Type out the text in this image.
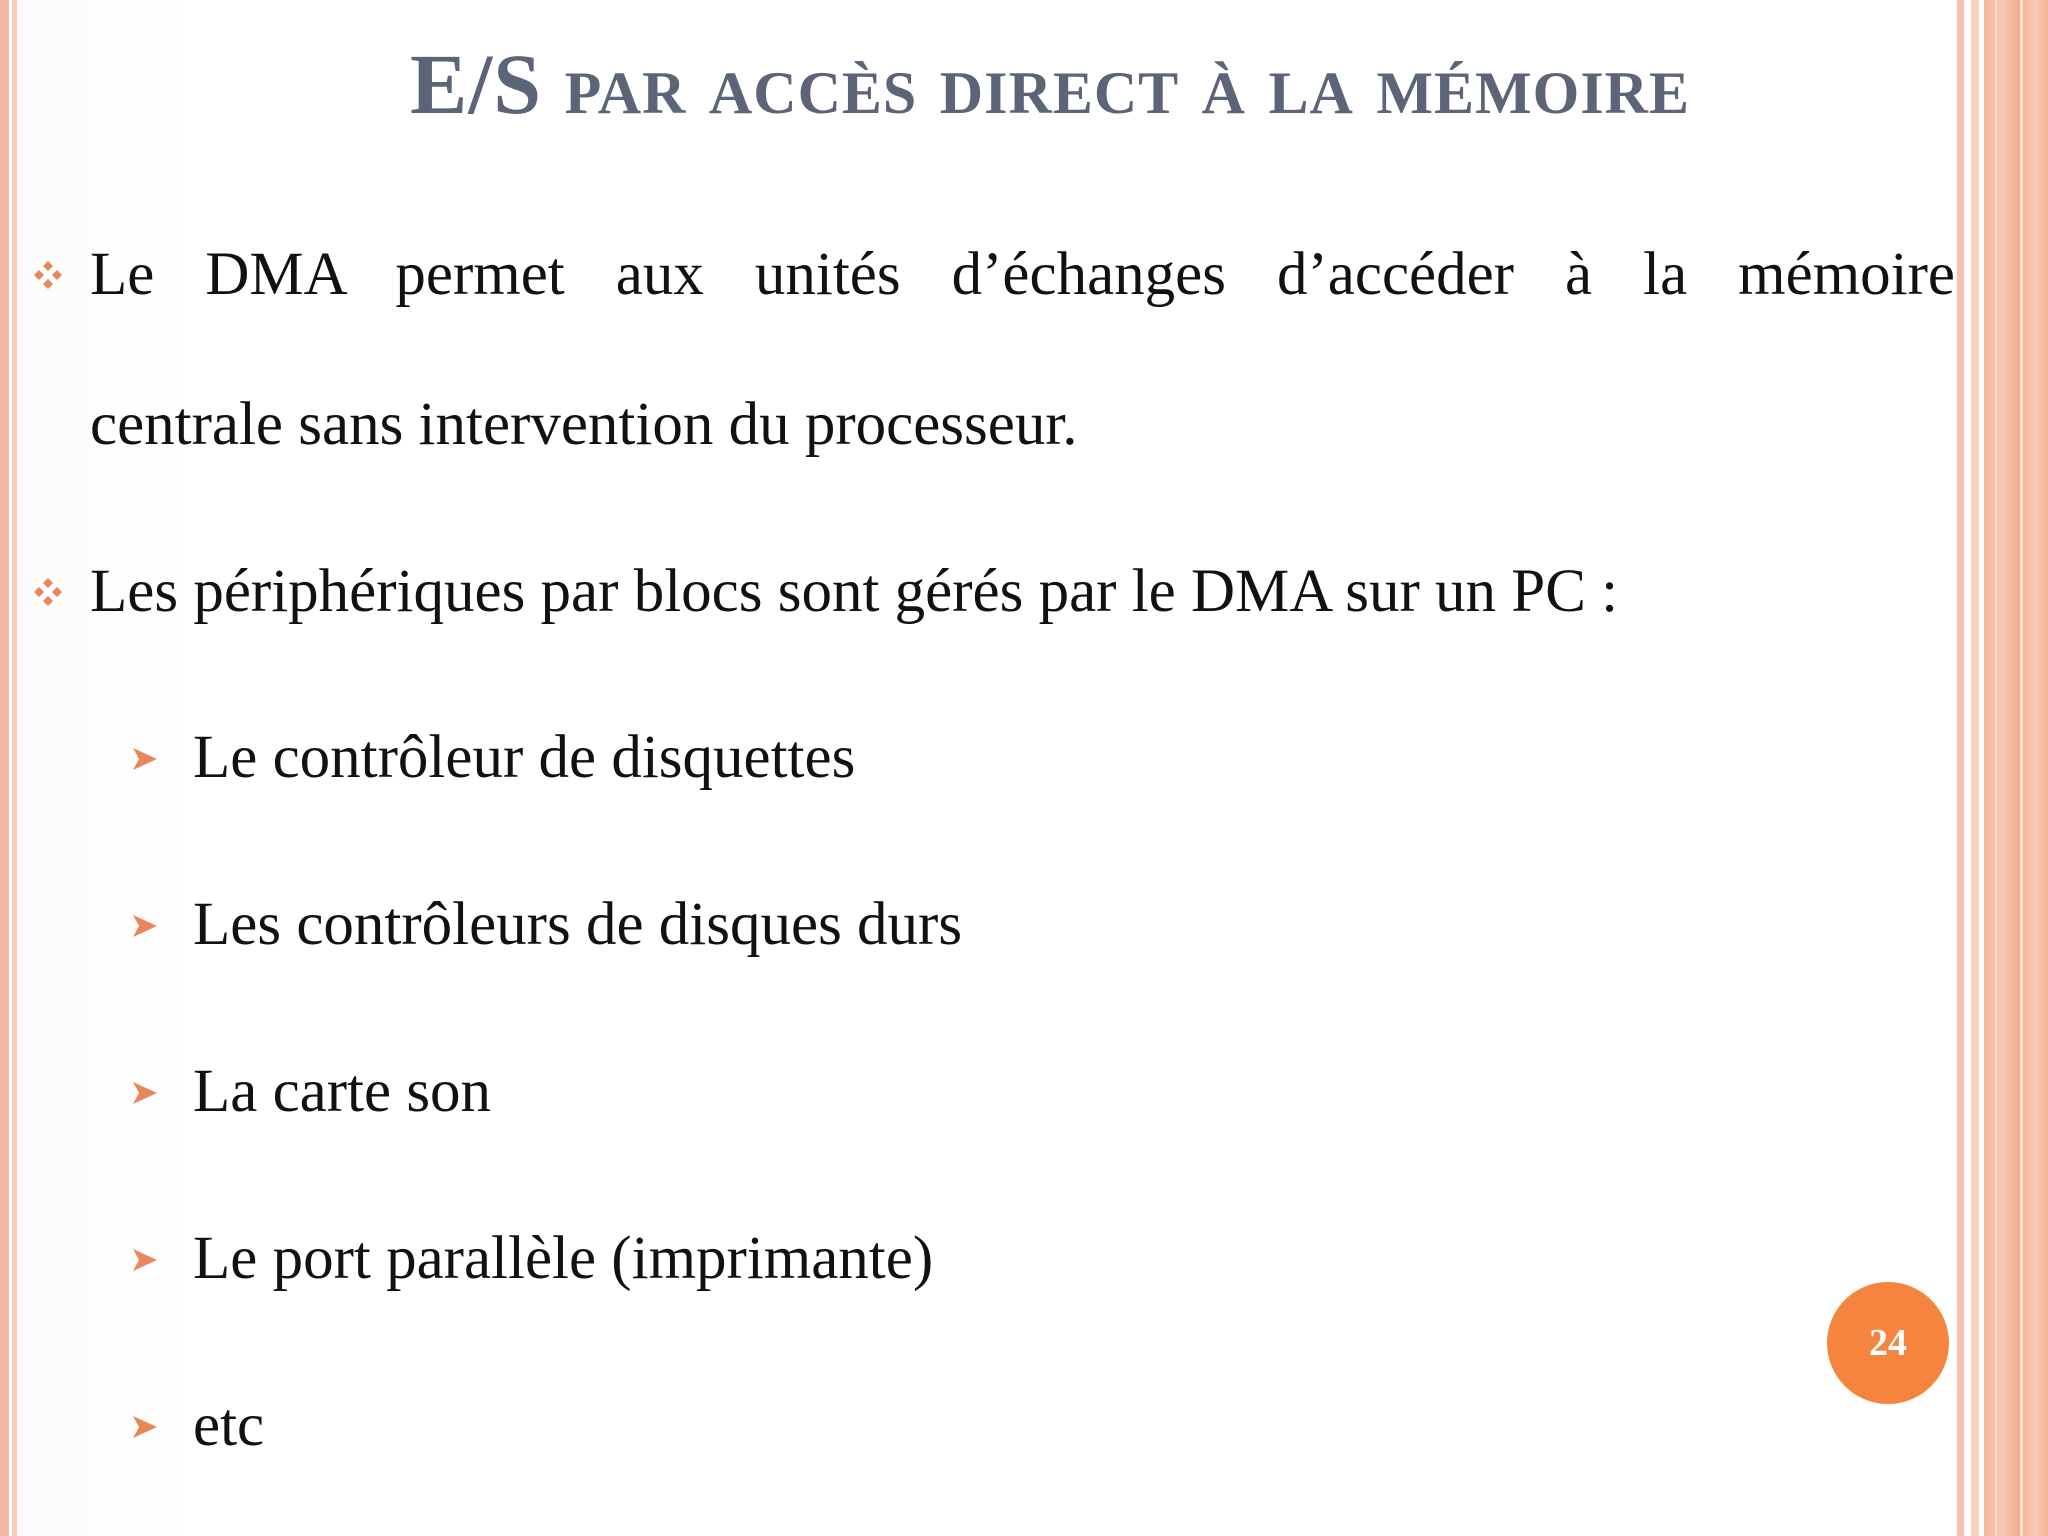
E/S par accès direct à la mémoire
Le DMA permet aux unités d’échanges d’accéder à la mémoire
centrale sans intervention du processeur.
Les périphériques par blocs sont gérés par le DMA sur un PC :
Le contrôleur de disquettes
Les contrôleurs de disques durs
La carte son
Le port parallèle (imprimante)
etc
24
